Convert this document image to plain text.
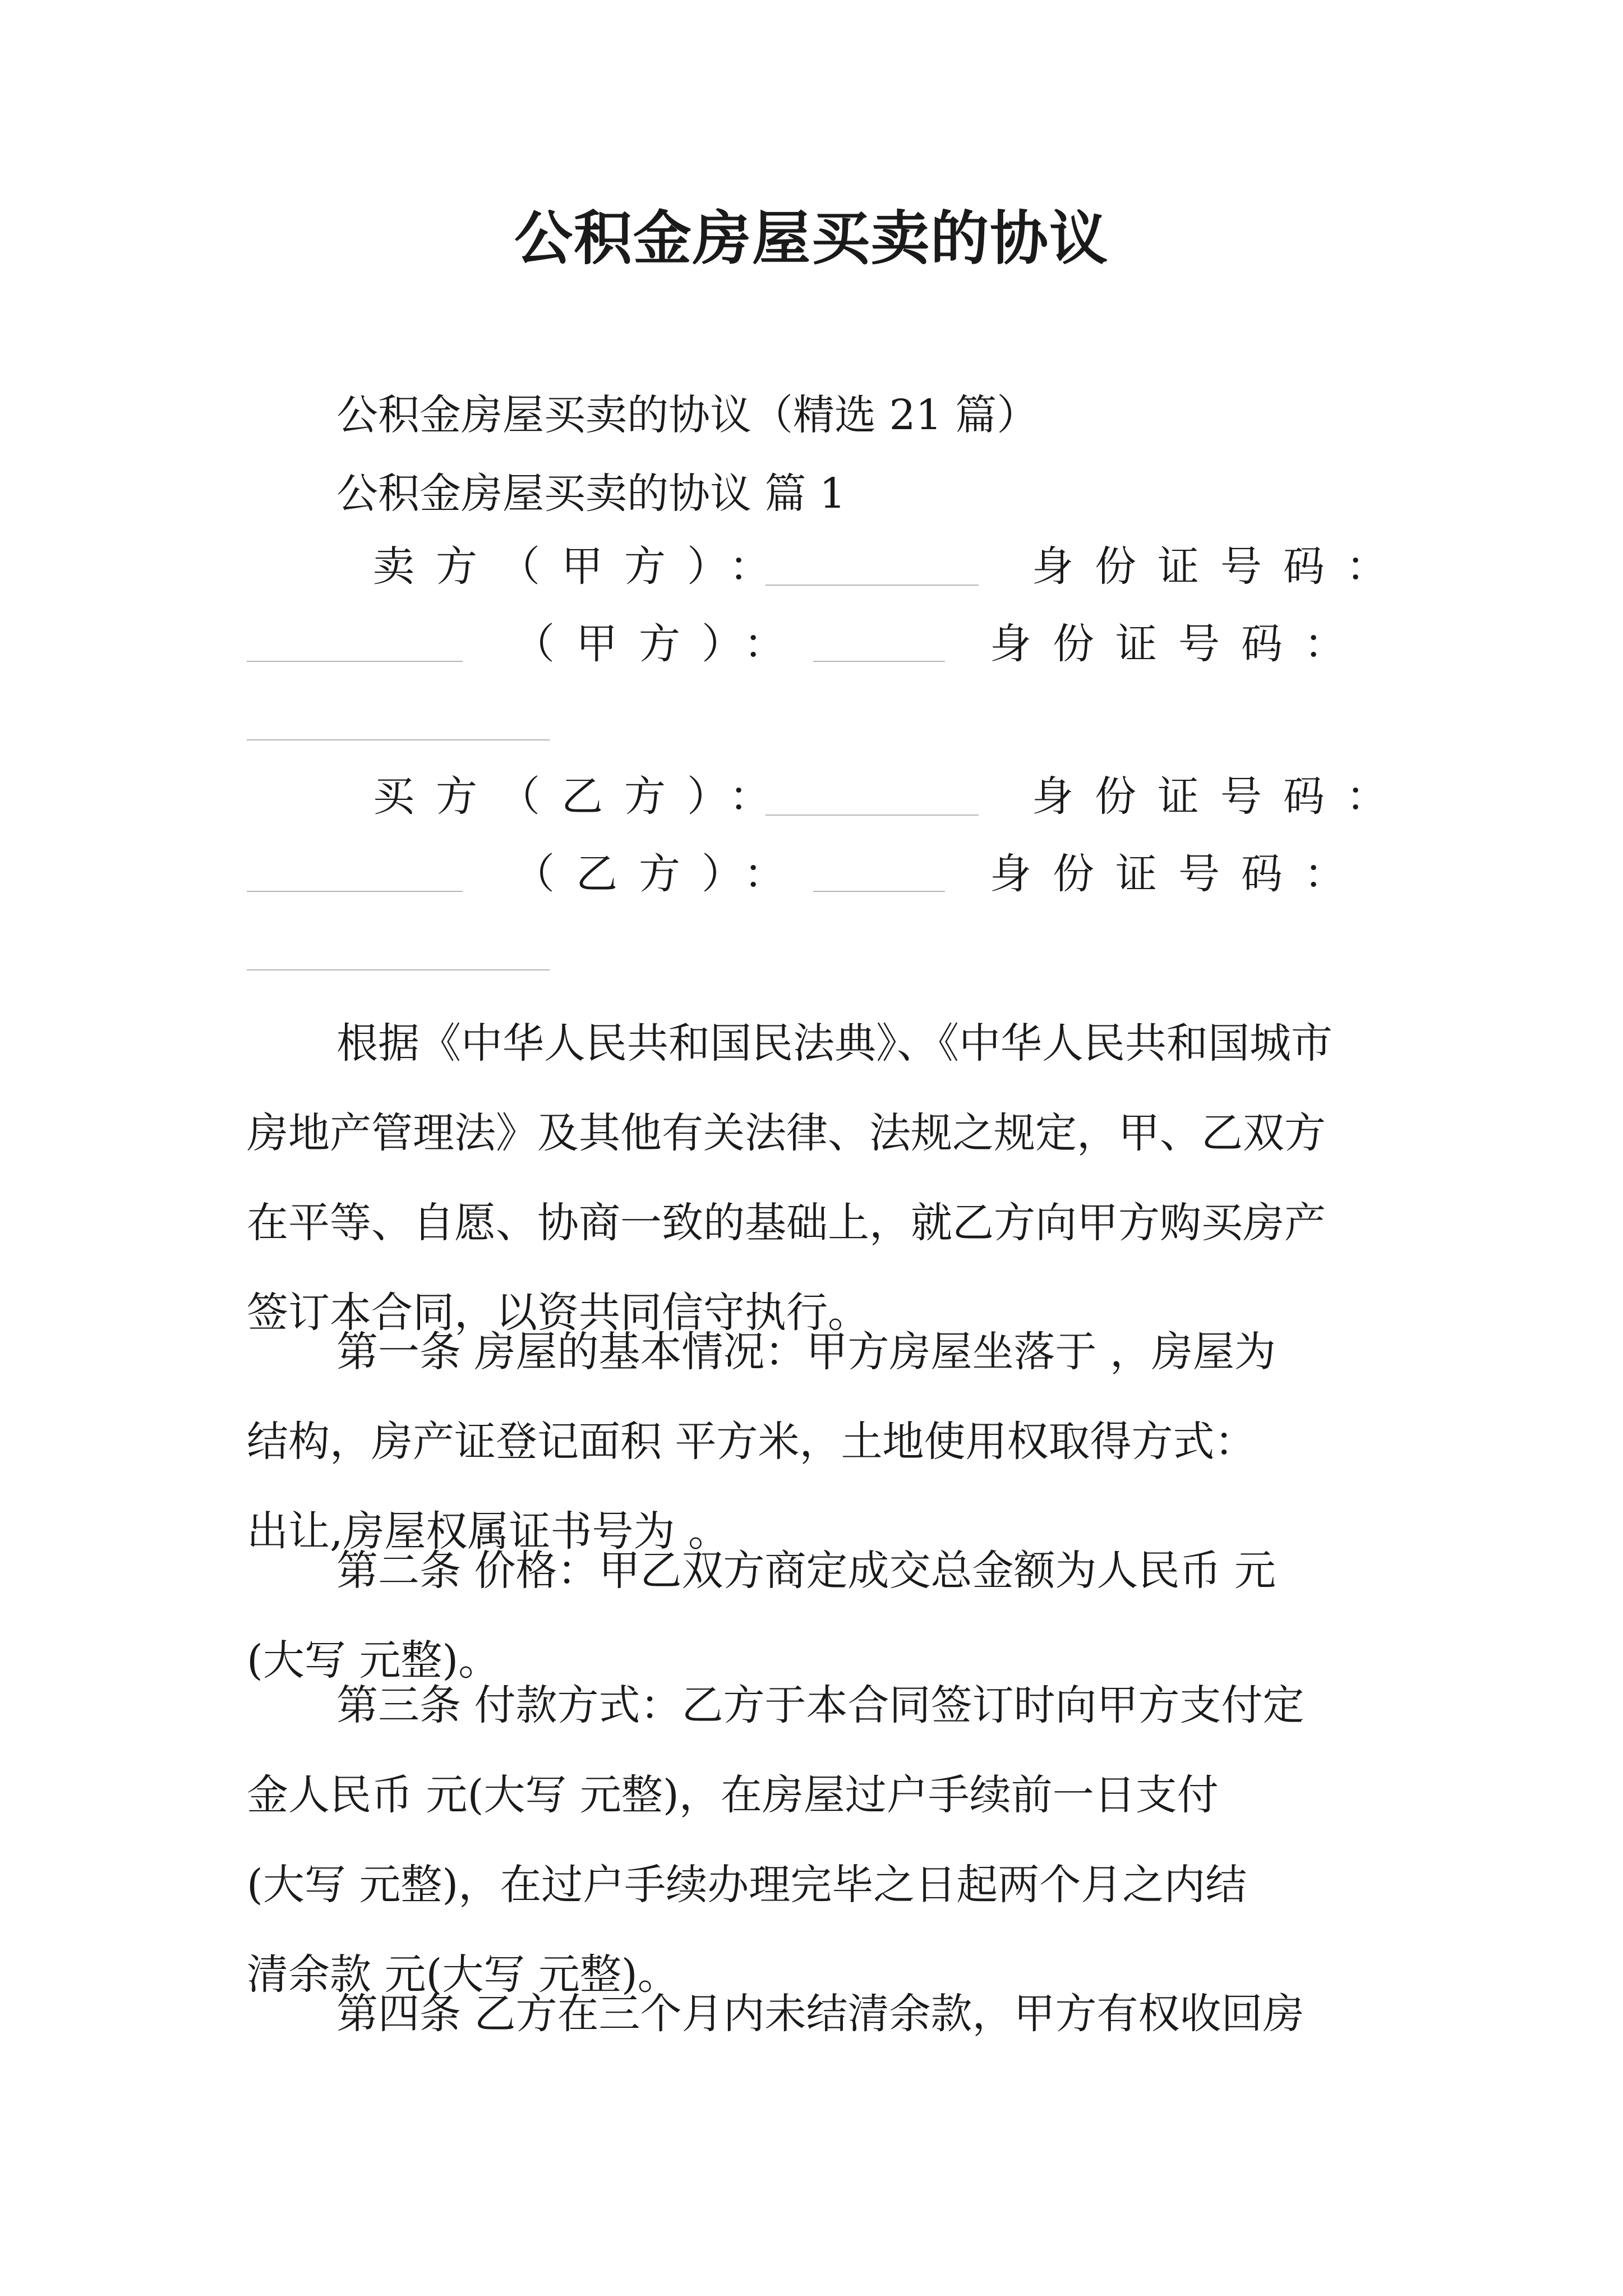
公积金房屋买卖的协议
公积金房屋买卖的协议（精选 21 篇）
公积金房屋买卖的协议 篇 1
卖方（甲方）：	身份证号码：
（甲方）：	身份证号码：
买方（乙方）：	身份证号码：
（乙方）：	身份证号码：
根据《中华人民共和国民法典》、《中华人民共和国城市
房地产管理法》及其他有关法律、法规之规定，甲、乙双方
在平等、自愿、协商一致的基础上，就乙方向甲方购买房产
签订本合同，以资共同信守执行。
第一条 房屋的基本情况：甲方房屋坐落于 ，房屋为
结构，房产证登记面积 平方米，土地使用权取得方式：
出让,房屋权属证书号为 。
第二条 价格：甲乙双方商定成交总金额为人民币 元
(大写 元整)。
第三条 付款方式：乙方于本合同签订时向甲方支付定
金人民币 元(大写 元整)，在房屋过户手续前一日支付
(大写 元整)，在过户手续办理完毕之日起两个月之内结
清余款 元(大写 元整)。
第四条 乙方在三个月内未结清余款，甲方有权收回房
